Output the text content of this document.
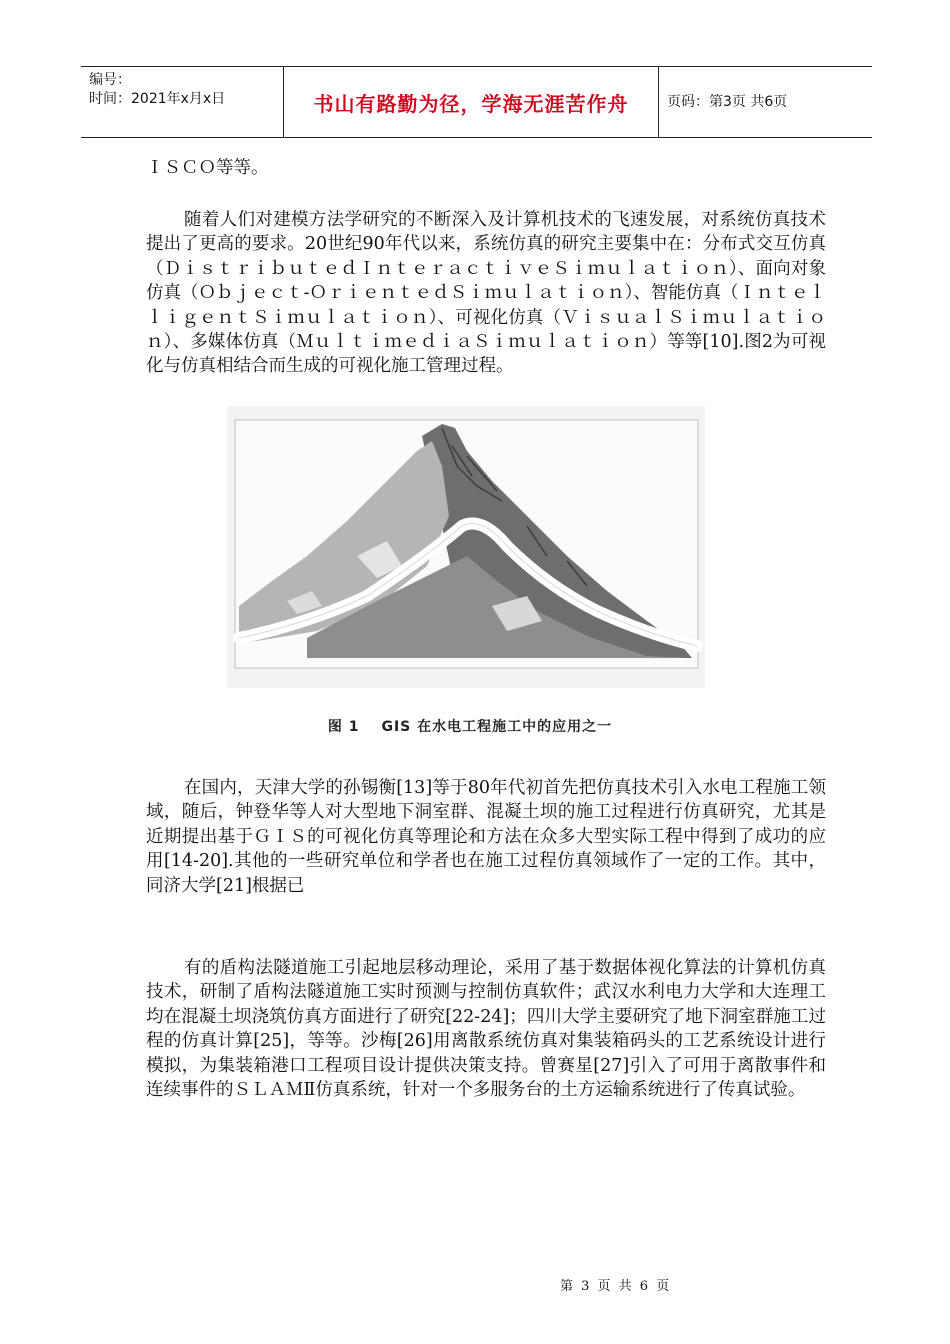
编号：
时间：2021年x月x日	书山有路勤为径，学海无涯苦作舟	页码：第3页 共6页

ＩＳＣＯ等等。

随着人们对建模方法学研究的不断深入及计算机技术的飞速发展，对系统仿真技术提出了更高的要求。20世纪90年代以来，系统仿真的研究主要集中在：分布式交互仿真（ＤｉｓｔｒｉｂｕｔｅｄＩｎｔｅｒａｃｔｉｖｅＳｉｍｕｌａｔｉｏｎ）、面向对象仿真（Ｏｂｊｅｃｔ-ＯｒｉｅｎｔｅｄＳｉｍｕｌａｔｉｏｎ）、智能仿真（Ｉｎｔｅｌ ｌｉｇｅｎｔＳｉｍｕｌａｔｉｏｎ）、可视化仿真（ＶｉｓｕａｌＳｉｍｕｌａｔｉｏｎ）、多媒体仿真（ＭｕｌｔｉｍｅｄｉａＳｉｍｕｌａｔｉｏｎ）等等[10].图2为可视化与仿真相结合而生成的可视化施工管理过程。

图 1 GIS 在水电工程施工中的应用之一

在国内，天津大学的孙锡衡[13]等于80年代初首先把仿真技术引入水电工程施工领域，随后，钟登华等人对大型地下洞室群、混凝土坝的施工过程进行仿真研究，尤其是近期提出基于ＧＩＳ的可视化仿真等理论和方法在众多大型实际工程中得到了成功的应用[14-20].其他的一些研究单位和学者也在施工过程仿真领域作了一定的工作。其中，同济大学[21]根据已

有的盾构法隧道施工引起地层移动理论，采用了基于数据体视化算法的计算机仿真技术，研制了盾构法隧道施工实时预测与控制仿真软件；武汉水利电力大学和大连理工均在混凝土坝浇筑仿真方面进行了研究[22-24]；四川大学主要研究了地下洞室群施工过程的仿真计算[25]，等等。沙梅[26]用离散系统仿真对集装箱码头的工艺系统设计进行模拟，为集装箱港口工程项目设计提供决策支持。曾赛星[27]引入了可用于离散事件和连续事件的ＳＬＡＭⅡ仿真系统，针对一个多服务台的土方运输系统进行了传真试验。

第 3 页 共 6 页
